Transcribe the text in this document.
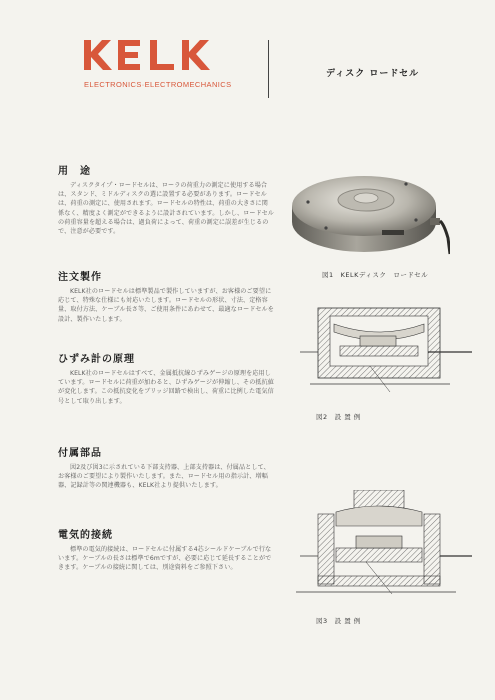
ELECTRONICS·ELECTROMECHANICS
ディスク ロードセル
用　途

ディスクタイプ・ロードセルは、ローラの荷重力の測定に使用する場合は、スタンド、ミドルディスクの選に設置する必要があります。ロードセルは、荷重の測定に、使用されます。ロードセルの特性は、荷重の大きさに関係なく、精度よく測定ができるように設計されています。しかし、ロードセルの荷重容量を超える場合は、過負荷によって、荷重の測定に誤差が生じるので、注意が必要です。

注文製作

KELK社のロードセルは標準製品で製作していますが、お客様のご要望に応じて、特殊な仕様にも対応いたします。ロードセルの形状、寸法、定格容量、取付方法、ケーブル長さ等、ご使用条件にあわせて、最適なロードセルを設計、製作いたします。

ひずみ計の原理

KELK社のロードセルはすべて、金属抵抗線ひずみゲージの原理を応用しています。ロードセルに荷重が加わると、ひずみゲージが伸縮し、その抵抗値が変化します。この抵抗変化をブリッジ回路で検出し、荷重に比例した電気信号として取り出します。

付属部品

図2及び図3に示されている下部支持器、上部支持器は、付属品として、お客様のご要望により製作いたします。また、ロードセル用の指示計、増幅器、記録計等の関連機器も、KELK社より提供いたします。

電気的接続

標準の電気的接続は、ロードセルに付属する4芯シールドケーブルで行ないます。ケーブルの長さは標準で6mですが、必要に応じて延長することができます。ケーブルの接続に関しては、別途資料をご参照下さい。

図1　KELKディスク　ロードセル
図2　設 置 例
図3　設 置 例
